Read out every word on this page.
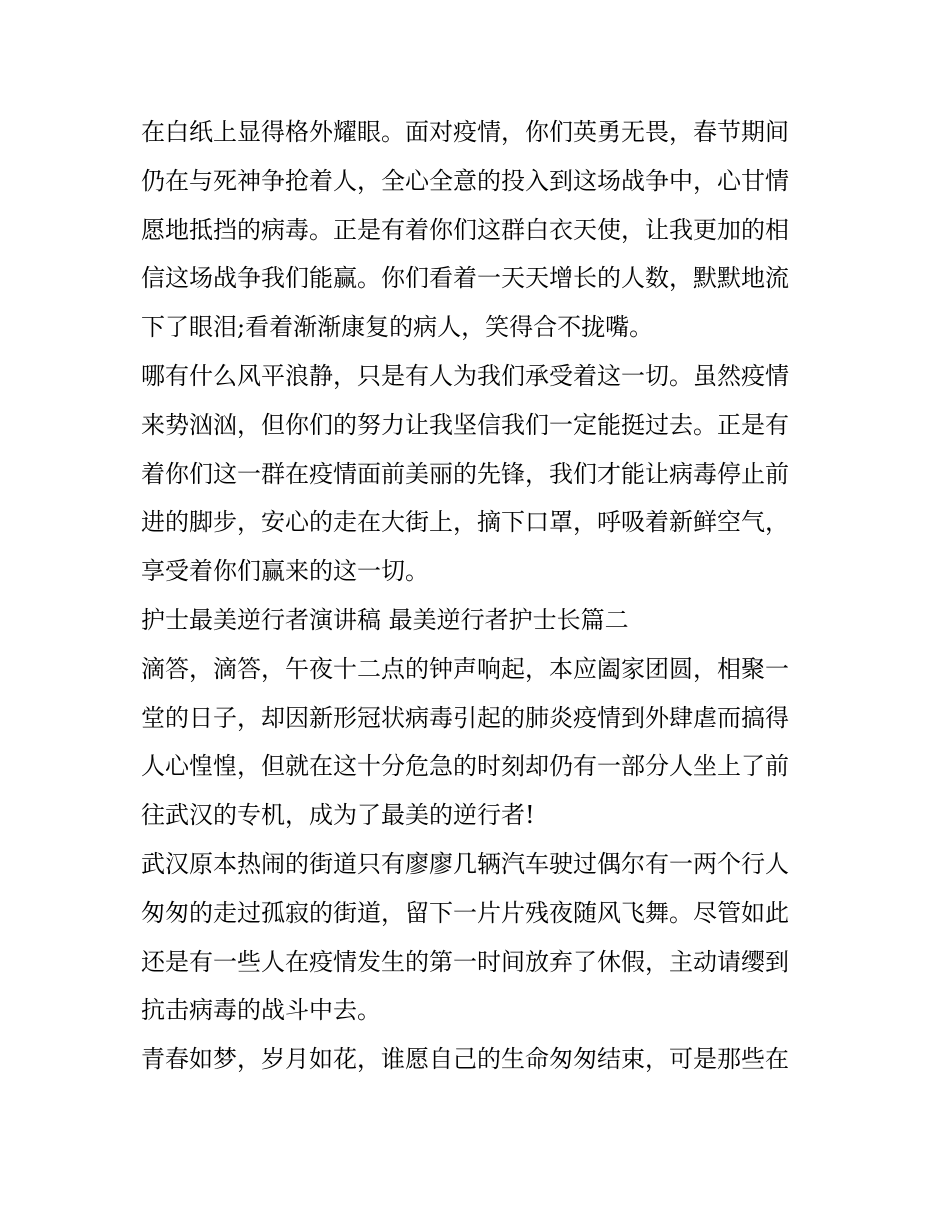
在白纸上显得格外耀眼。面对疫情，你们英勇无畏，春节期间
仍在与死神争抢着人，全心全意的投入到这场战争中，心甘情
愿地抵挡的病毒。正是有着你们这群白衣天使，让我更加的相
信这场战争我们能赢。你们看着一天天增长的人数，默默地流
下了眼泪;看着渐渐康复的病人，笑得合不拢嘴。
哪有什么风平浪静，只是有人为我们承受着这一切。虽然疫情
来势汹汹，但你们的努力让我坚信我们一定能挺过去。正是有
着你们这一群在疫情面前美丽的先锋，我们才能让病毒停止前
进的脚步，安心的走在大街上，摘下口罩，呼吸着新鲜空气，
享受着你们赢来的这一切。
护士最美逆行者演讲稿 最美逆行者护士长篇二
滴答，滴答，午夜十二点的钟声响起，本应阖家团圆，相聚一
堂的日子，却因新形冠状病毒引起的肺炎疫情到外肆虐而搞得
人心惶惶，但就在这十分危急的时刻却仍有一部分人坐上了前
往武汉的专机，成为了最美的逆行者!
武汉原本热闹的街道只有廖廖几辆汽车驶过偶尔有一两个行人
匆匆的走过孤寂的街道，留下一片片残夜随风飞舞。尽管如此
还是有一些人在疫情发生的第一时间放弃了休假，主动请缨到
抗击病毒的战斗中去。
青春如梦，岁月如花，谁愿自己的生命匆匆结束，可是那些在
